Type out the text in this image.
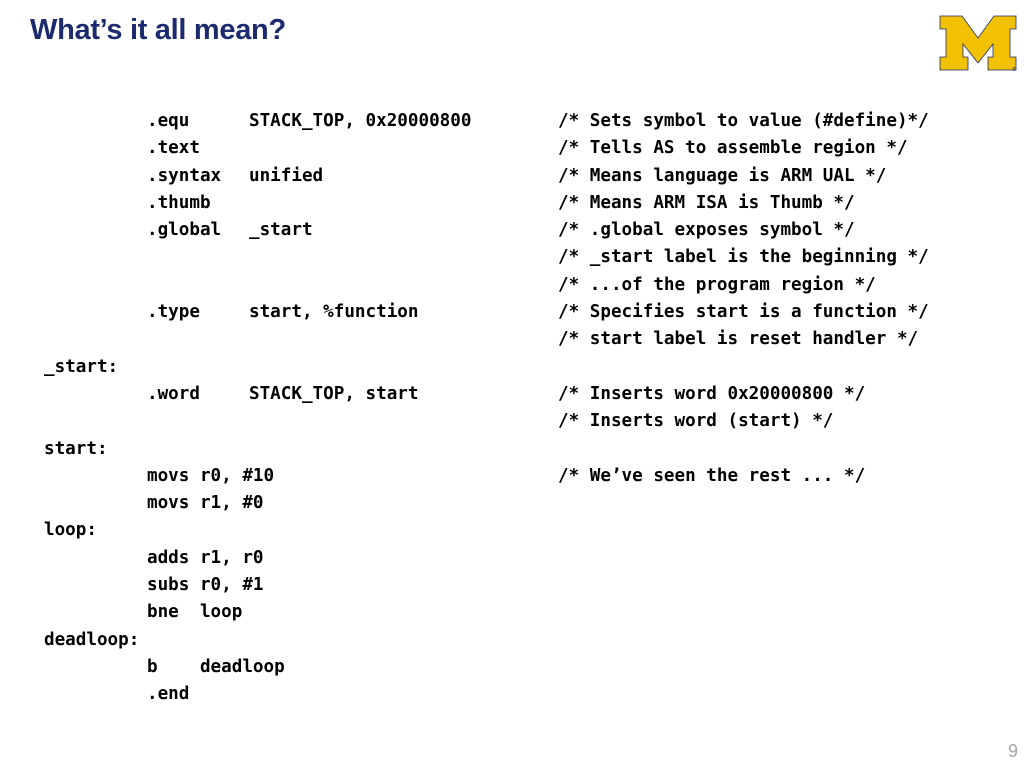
What’s it all mean?
®
.equ	STACK_TOP, 0x20000800	/* Sets symbol to value (#define)*/
.text	/* Tells AS to assemble region */
.syntax unified	/* Means language is ARM UAL */
.thumb	/* Means ARM ISA is Thumb */
.global _start	/* .global exposes symbol */
/* _start label is the beginning */
/* ...of the program region */
.type	start, %function	/* Specifies start is a function */
/* start label is reset handler */
_start:
.word	STACK_TOP, start	/* Inserts word 0x20000800 */
/* Inserts word (start) */
start:
movs r0, #10	/* We’ve seen the rest ... */
movs r1, #0
loop:
adds r1, r0
subs r0, #1
bne  loop
deadloop:
b    deadloop
.end
9
